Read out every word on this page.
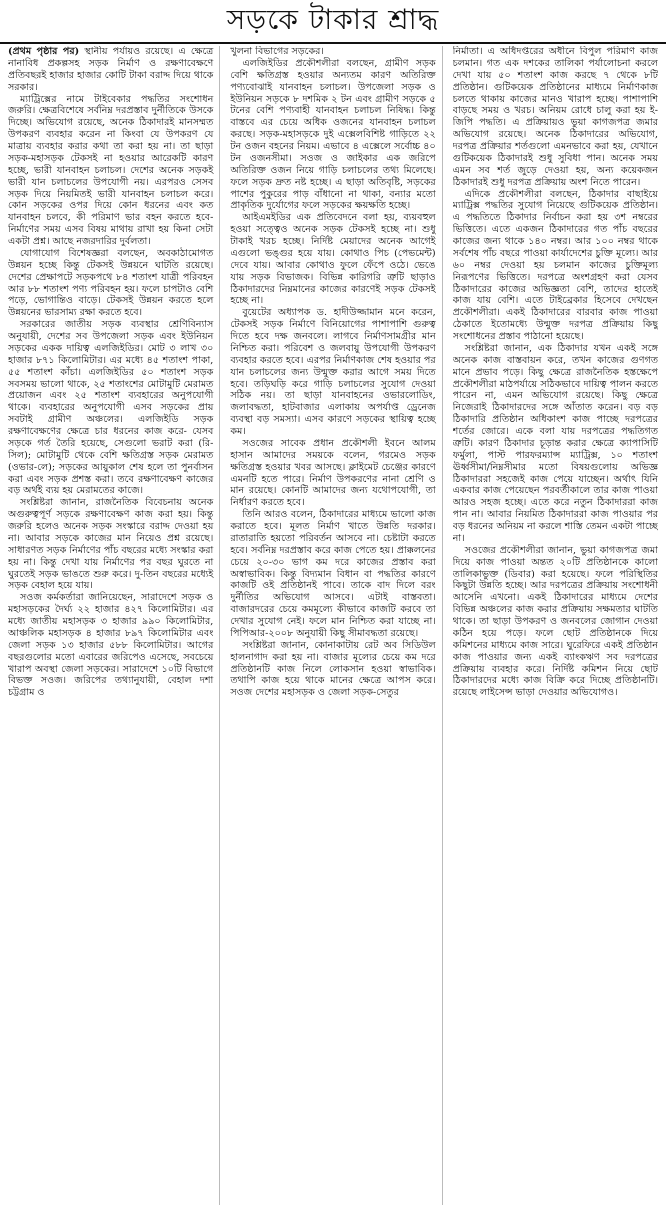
সড়কে টাকার শ্রাদ্ধ

(প্রথম পৃষ্ঠার পর) স্থানীয় পর্যায়ও রয়েছে। এ ক্ষেত্রে নানাবিধ প্রকল্পসহ সড়ক নির্মাণ ও রক্ষণাবেক্ষণে প্রতিবছরই হাজার হাজার কোটি টাকা বরাদ্দ দিয়ে থাকে সরকার।

ম্যাট্রিক্সের নামে টাইবেকার পদ্ধতির সংশোধন জরুরি। ক্ষেত্রবিশেষে সর্বনিম্ন দরপ্রস্তাব দুর্নীতিকে উসকে দিচ্ছে। অভিযোগ রয়েছে, অনেক ঠিকাদারই মানসম্মত উপকরণ ব্যবহার করেন না কিংবা যে উপকরণ যে মাত্রায় ব্যবহার করার কথা তা করা হয় না। তা ছাড়া সড়ক-মহাসড়ক টেকসই না হওয়ার আরেকটি কারণ হচ্ছে, ভারী যানবাহন চলাচল। দেশের অনেক সড়কই ভারী যান চলাচলের উপযোগী নয়। এরপরও সেসব সড়ক দিয়ে নিয়মিতই ভারী যানবাহন চলাচল করে। কোন সড়কের ওপর দিয়ে কোন ধরনের এবং কত যানবাহন চলবে, কী পরিমাণ ভার বহন করতে হবে- নির্মাণের সময় এসব বিষয় মাথায় রাখা হয় কিনা সেটা একটা প্রশ্ন। আছে নজরদারির দুর্বলতা।

যোগাযোগ বিশেষজ্ঞরা বলছেন, অবকাঠামোগত উন্নয়ন হচ্ছে কিন্তু টেকসই উন্নয়নে ঘাটতি রয়েছে। দেশের প্রেক্ষাপটে সড়কপথে ৮৪ শতাংশ যাত্রী পরিবহন আর ৮৮ শতাংশ পণ্য পরিবহন হয়। ফলে চাপটাও বেশি পড়ে, ভোগান্তিও বাড়ে। টেকসই উন্নয়ন করতে হলে উন্নয়নের ভারসাম্য রক্ষা করতে হবে।

সরকারের জাতীয় সড়ক ব্যবস্থার শ্রেণিবিন্যাস অনুযায়ী, দেশের সব উপজেলা সড়ক এবং ইউনিয়ন সড়কের একক দায়িত্ব এলজিইডির। মোট ৩ লাখ ৩০ হাজার ৮৭১ কিলোমিটার। এর মধ্যে ৪৫ শতাংশ পাকা, ৫৫ শতাংশ কাঁচা। এলজিইডির ৫০ শতাংশ সড়ক সবসময় ভালো থাকে, ২৫ শতাংশের মোটামুটি মেরামত প্রয়োজন এবং ২৫ শতাংশ ব্যবহারের অনুপযোগী থাকে। ব্যবহারের অনুপযোগী এসব সড়কের প্রায় সবটাই গ্রামীণ অঞ্চলের। এলজিইডি সড়ক রক্ষণাবেক্ষণের ক্ষেত্রে চার ধরনের কাজ করে- যেসব সড়কে গর্ত তৈরি হয়েছে, সেগুলো ভরাট করা (রি-সিল); মোটামুটি থেকে বেশি ক্ষতিগ্রস্ত সড়ক মেরামত (ওভার-লে); সড়কের আয়ুকাল শেষ হলে তা পুনর্বাসন করা এবং সড়ক প্রশস্ত করা। তবে রক্ষণাবেক্ষণ কাজের বড় অর্থই ব্যয় হয় মেরামতের কাজে।

সংশ্লিষ্টরা জানান, রাজনৈতিক বিবেচনায় অনেক অগুরুত্বপূর্ণ সড়কে রক্ষণাবেক্ষণ কাজ করা হয়। কিন্তু জরুরি হলেও অনেক সড়ক সংস্কারে বরাদ্দ দেওয়া হয় না। আবার সড়কে কাজের মান নিয়েও প্রশ্ন রয়েছে। সাধারণত সড়ক নির্মাণের পাঁচ বছরের মধ্যে সংস্কার করা হয় না। কিন্তু দেখা যায় নির্মাণের পর বছর ঘুরতে না ঘুরতেই সড়ক ভাঙতে শুরু করে। দু-তিন বছরের মধ্যেই সড়ক বেহাল হয়ে যায়।

সওজ কর্মকর্তারা জানিয়েছেন, সারাদেশে সড়ক ও মহাসড়কের দৈর্ঘ্য ২২ হাজার ৪২৭ কিলোমিটার। এর মধ্যে জাতীয় মহাসড়ক ৩ হাজার ৯৯০ কিলোমিটার, আঞ্চলিক মহাসড়ক ৪ হাজার ৮৯৭ কিলোমিটার এবং জেলা সড়ক ১৩ হাজার ৫৮৮ কিলোমিটার। আগের বছরগুলোর মতো এবারের জরিপেও এসেছে, সবচেয়ে খারাপ অবস্থা জেলা সড়কের। সারাদেশে ১০টি বিভাগে বিভক্ত সওজ। জরিপের তথ্যানুযায়ী, বেহাল দশা চট্টগ্রাম ও

খুলনা বিভাগের সড়কের।

এলজিইডির প্রকৌশলীরা বলছেন, গ্রামীণ সড়ক বেশি ক্ষতিগ্রস্ত হওয়ার অন্যতম কারণ অতিরিক্ত পণ্যবোঝাই যানবাহন চলাচল। উপজেলা সড়ক ও ইউনিয়ন সড়কে ৮ দশমিক ২ টন এবং গ্রামীণ সড়কে ৫ টনের বেশি পণ্যবাহী যানবাহন চলাচল নিষিদ্ধ। কিন্তু বাস্তবে এর চেয়ে অধিক ওজনের যানবাহন চলাচল করছে। সড়ক-মহাসড়কে দুই এক্সেলবিশিষ্ট গাড়িতে ২২ টন ওজন বহনের নিয়ম। এভাবে ৪ এক্সেলে সর্বোচ্চ ৪০ টন ওজনসীমা। সওজ ও জাইকার এক জরিপে অতিরিক্ত ওজন নিয়ে গাড়ি চলাচলের তথ্য মিলেছে। ফলে সড়ক দ্রুত নষ্ট হচ্ছে। এ ছাড়া অতিবৃষ্টি, সড়কের পাশের পুকুরের পাড় বাঁধানো না থাকা, বন্যার মতো প্রাকৃতিক দুর্যোগের ফলে সড়কের ক্ষয়ক্ষতি হচ্ছে।

আইএমইডির এক প্রতিবেদনে বলা হয়, ব্যয়বহুল হওয়া সত্ত্বেও অনেক সড়ক টেকসই হচ্ছে না। শুধু টাকাই খরচ হচ্ছে। নির্দিষ্ট মেয়াদের অনেক আগেই এগুলো ভঙ্গুর হয়ে যায়। কোথাও পিচ (পেভমেন্ট) দেবে যায়। আবার কোথাও ফুলে ফেঁপে ওঠে। ভেঙে যায় সড়ক বিভাজক। বিভিন্ন কারিগরি ত্রুটি ছাড়াও ঠিকাদারদের নিম্নমানের কাজের কারণেই সড়ক টেকসই হচ্ছে না।

বুয়েটের অধ্যাপক ড. হাদীউজ্জামান মনে করেন, টেকসই সড়ক নির্মাণে বিনিয়োগের পাশাপাশি গুরুত্ব দিতে হবে দক্ষ জনবলে। লাগবে নির্মাণসামগ্রীর মান নিশ্চিত করা। পরিবেশ ও জলবায়ু উপযোগী উপকরণ ব্যবহার করতে হবে। এরপর নির্মাণকাজ শেষ হওয়ার পর যান চলাচলের জন্য উন্মুক্ত করার আগে সময় দিতে হবে। তড়িঘড়ি করে গাড়ি চলাচলের সুযোগ দেওয়া সঠিক নয়। তা ছাড়া যানবাহনের ওভারলোডিং, জলাবদ্ধতা, হাটবাজার এলাকায় অপর্যাপ্ত ড্রেনেজ ব্যবস্থা বড় সমস্যা। এসব কারণে সড়কের স্থায়িত্ব হচ্ছে কম।

সওজের সাবেক প্রধান প্রকৌশলী ইবনে আলম হাসান আমাদের সময়কে বলেন, গরমেও সড়ক ক্ষতিগ্রস্ত হওয়ার খবর আসছে। ক্লাইমেট চেঞ্জের কারণে এমনটি হতে পারে। নির্মাণ উপকরণের নানা শ্রেণি ও মান রয়েছে। কোনটি আমাদের জন্য যথোপযোগী, তা নির্ধারণ করতে হবে।

তিনি আরও বলেন, ঠিকাদারের মাধ্যমে ভালো কাজ করাতে হবে। মূলত নির্মাণ খাতে উন্নতি দরকার। রাতারাতি হয়তো পরিবর্তন আসবে না। চেষ্টাটা করতে হবে। সর্বনিম্ন দরপ্রস্তাব করে কাজ পেতে হয়। প্রাক্কলনের চেয়ে ২০-৩০ ভাগ কম দরে কাজের প্রস্তাব করা অস্বাভাবিক। কিন্তু বিদ্যমান বিধান বা পদ্ধতির কারণে কাজটি ওই প্রতিষ্ঠানই পাবে। তাকে বাদ দিলে বরং দুর্নীতির অভিযোগ আসবে। এটাই বাস্তবতা। বাজারদরের চেয়ে কমমূল্যে কীভাবে কাজটি করবে তা দেখার সুযোগ নেই। ফলে মান নিশ্চিত করা যাচ্ছে না। পিপিআর-২০০৮ অনুযায়ী কিছু সীমাবদ্ধতা রয়েছে।

সংশ্লিষ্টরা জানান, কোনাকাটায় রেট অব সিডিউল হালনাগাদ করা হয় না। বাজার মূল্যের চেয়ে কম দরে প্রতিষ্ঠানটি কাজ নিলে লোকসান হওয়া স্বাভাবিক। তথাপি কাজ হয়ে থাকে মানের ক্ষেত্রে আপস করে। সওজ দেশের মহাসড়ক ও জেলা সড়ক-সেতুর

নির্মাতা। এ অধিদপ্তরের অধীনে বিপুল পরিমাণ কাজ চলমান। গত এক দশকের তালিকা পর্যালোচনা করলে দেখা যায় ৫০ শতাংশ কাজ করছে ৭ থেকে ৮টি প্রতিষ্ঠান। গুটিকয়েক প্রতিষ্ঠানের মাধ্যমে নির্মাণকাজ চলতে থাকায় কাজের মানও খারাপ হচ্ছে। পাশাপাশি বাড়ছে সময় ও খরচ। অনিয়ম রোধে চালু করা হয় ই-জিপি পদ্ধতি। এ প্রক্রিয়ায়ও ভুয়া কাগজপত্র জমার অভিযোগ রয়েছে। অনেক ঠিকাদারের অভিযোগ, দরপত্র প্রক্রিয়ার শর্তগুলো এমনভাবে করা হয়, যেখানে গুটিকয়েক ঠিকাদারই শুধু সুবিধা পান। অনেক সময় এমন সব শর্ত জুড়ে দেওয়া হয়, অন্য কয়েকজন ঠিকাদারই শুধু দরপত্র প্রক্রিয়ায় অংশ নিতে পারেন।

এদিকে প্রকৌশলীরা বলছেন, ঠিকাদার বাছাইয়ে ম্যাট্রিক্স পদ্ধতির সুযোগ নিয়েছে গুটিকয়েক প্রতিষ্ঠান। এ পদ্ধতিতে ঠিকাদার নির্বাচন করা হয় ৩শ নম্বরের ভিত্তিতে। এতে একজন ঠিকাদারের গত পাঁচ বছরের কাজের জন্য থাকে ১৪০ নম্বর। আর ১০০ নম্বর থাকে সর্বশেষ পাঁচ বছরে পাওয়া কার্যাদেশের চুক্তি মূল্যে। আর ৬০ নম্বর দেওয়া হয় চলমান কাজের চুক্তিমূল্য নিরূপণের ভিত্তিতে। দরপত্রে অংশগ্রহণ করা যেসব ঠিকাদারের কাজের অভিজ্ঞতা বেশি, তাদের হাতেই কাজ যায় বেশি। এতে টাইব্রেকার হিসেবে দেখছেন প্রকৌশলীরা। একই ঠিকাদারের বারবার কাজ পাওয়া ঠেকাতে ইতোমধ্যে উন্মুক্ত দরপত্র প্রক্রিয়ায় কিছু সংশোধনের প্রস্তাব পাঠানো হয়েছে।

সংশ্লিষ্টরা জানান, এক ঠিকাদার যখন একই সঙ্গে অনেক কাজ বাস্তবায়ন করে, তখন কাজের গুণগত মানে প্রভাব পড়ে। কিছু ক্ষেত্রে রাজনৈতিক হস্তক্ষেপে প্রকৌশলীরা মাঠপর্যায়ে সঠিকভাবে দায়িত্ব পালন করতে পারেন না, এমন অভিযোগ রয়েছে। কিছু ক্ষেত্রে নিজেরাই ঠিকাদারদের সঙ্গে আঁতাত করেন। বড় বড় ঠিকাদারি প্রতিষ্ঠান অধিকাংশ কাজ পাচ্ছে দরপত্রের শর্তের জোরে। একে বলা যায় দরপত্রের পদ্ধতিগত ত্রুটি। কারণ ঠিকাদার চূড়ান্ত করার ক্ষেত্রে ক্যাপাসিটি ফর্মুলা, পাস্ট পারফরম্যান্স ম্যাট্রিক্স, ১০ শতাংশ ঊর্ধ্বসীমা/নিম্নসীমার মতো বিষয়গুলোয় অভিজ্ঞ ঠিকাদাররা সহজেই কাজ পেয়ে যাচ্ছেন। অর্থাৎ যিনি একবার কাজ পেয়েছেন পরবর্তীকালে তার কাজ পাওয়া আরও সহজ হচ্ছে। এতে করে নতুন ঠিকাদাররা কাজ পান না। আবার নিয়মিত ঠিকাদাররা কাজ পাওয়ার পর বড় ধরনের অনিয়ম না করলে শাস্তি তেমন একটা পাচ্ছে না।

সওজের প্রকৌশলীরা জানান, ভুয়া কাগজপত্র জমা দিয়ে কাজ পাওয়া অন্তত ২০টি প্রতিষ্ঠানকে কালো তালিকাভুক্ত (ডিবার) করা হয়েছে। ফলে পরিস্থিতির কিছুটা উন্নতি হচ্ছে। আর দরপত্রের প্রক্রিয়ায় সংশোধনী আসেনি এখনো। একই ঠিকাদারের মাধ্যমে দেশের বিভিন্ন অঞ্চলের কাজ করার প্রক্রিয়ায় সক্ষমতার ঘাটতি থাকে। তা ছাড়া উপকরণ ও জনবলের জোগান দেওয়া কঠিন হয়ে পড়ে। ফলে ছোট প্রতিষ্ঠানকে দিয়ে কমিশনের মাধ্যমে কাজ সারে। ঘুরেফিরে একই প্রতিষ্ঠান কাজ পাওয়ার জন্য একই ব্যাংকঋণ সব দরপত্রের প্রক্রিয়ায় ব্যবহার করে। নির্দিষ্ট কমিশন নিয়ে ছোট ঠিকাদারদের মধ্যে কাজ বিক্রি করে দিচ্ছে প্রতিষ্ঠানটি। রয়েছে লাইসেন্স ভাড়া দেওয়ার অভিযোগও।
